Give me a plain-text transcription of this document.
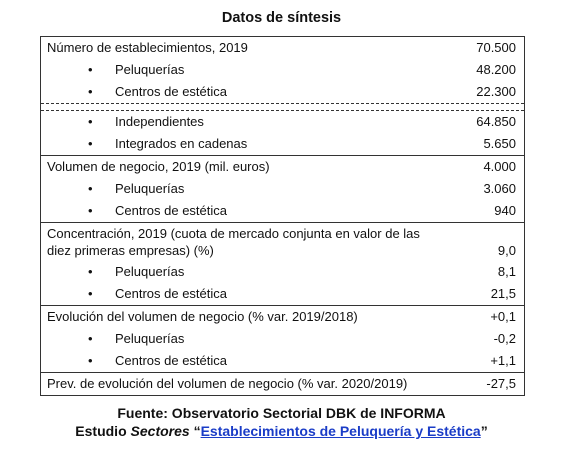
Datos de síntesis
Número de establecimientos, 2019	70.500
• Peluquerías	48.200
• Centros de estética	22.300
• Independientes	64.850
• Integrados en cadenas	5.650
Volumen de negocio, 2019 (mil. euros)	4.000
• Peluquerías	3.060
• Centros de estética	940
Concentración, 2019 (cuota de mercado conjunta en valor de las diez primeras empresas) (%)	9,0
• Peluquerías	8,1
• Centros de estética	21,5
Evolución del volumen de negocio (% var. 2019/2018)	+0,1
• Peluquerías	-0,2
• Centros de estética	+1,1
Prev. de evolución del volumen de negocio (% var. 2020/2019)	-27,5
Fuente: Observatorio Sectorial DBK de INFORMA
Estudio Sectores “Establecimientos de Peluquería y Estética”
